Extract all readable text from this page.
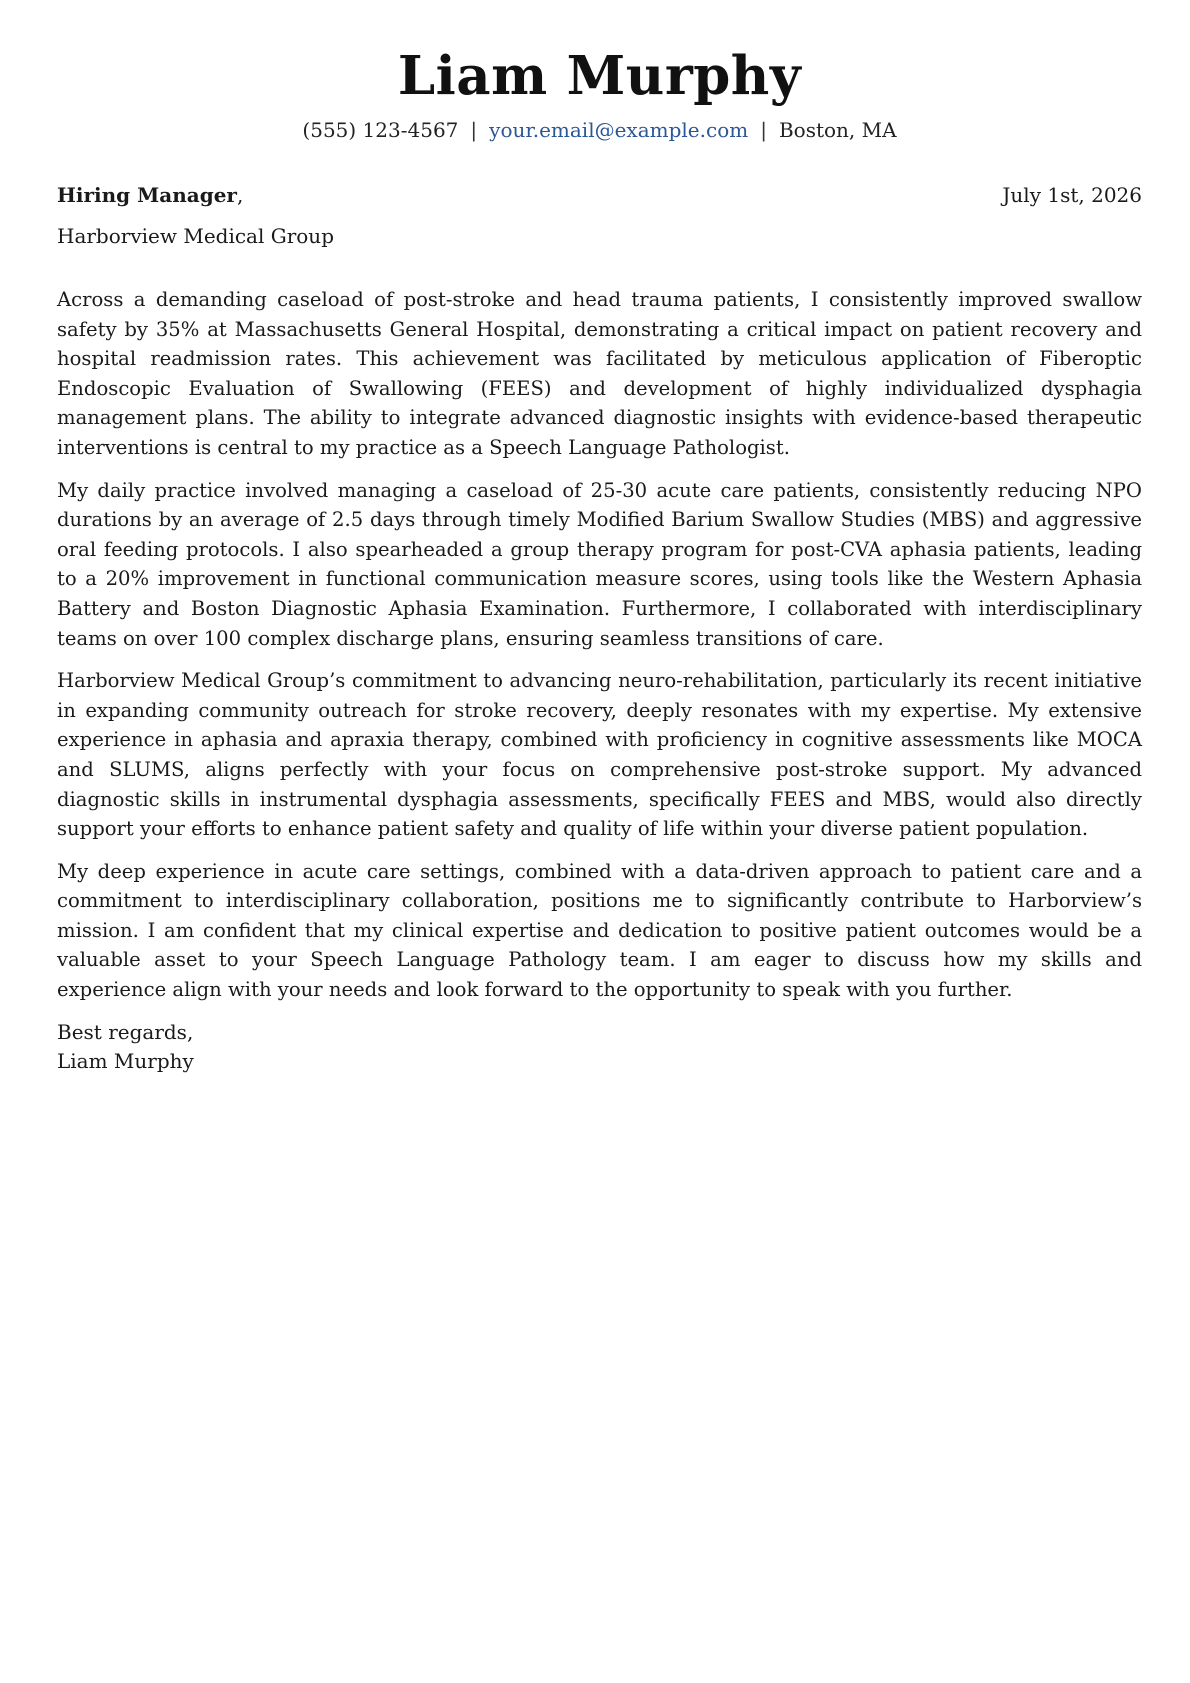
Liam Murphy
(555) 123-4567 | your.email@example.com | Boston, MA
Hiring Manager,	July 1st, 2026
Harborview Medical Group

Across a demanding caseload of post-stroke and head trauma patients, I consistently improved swallow safety by 35% at Massachusetts General Hospital, demonstrating a critical impact on patient recovery and hospital readmission rates. This achievement was facilitated by meticulous application of Fiberoptic Endoscopic Evaluation of Swallowing (FEES) and development of highly individualized dysphagia management plans. The ability to integrate advanced diagnostic insights with evidence-based therapeutic interventions is central to my practice as a Speech Language Pathologist.

My daily practice involved managing a caseload of 25-30 acute care patients, consistently reducing NPO durations by an average of 2.5 days through timely Modified Barium Swallow Studies (MBS) and aggressive oral feeding protocols. I also spearheaded a group therapy program for post-CVA aphasia patients, leading to a 20% improvement in functional communication measure scores, using tools like the Western Aphasia Battery and Boston Diagnostic Aphasia Examination. Furthermore, I collaborated with interdisciplinary teams on over 100 complex discharge plans, ensuring seamless transitions of care.

Harborview Medical Group’s commitment to advancing neuro-rehabilitation, particularly its recent initiative in expanding community outreach for stroke recovery, deeply resonates with my expertise. My extensive experience in aphasia and apraxia therapy, combined with proficiency in cognitive assessments like MOCA and SLUMS, aligns perfectly with your focus on comprehensive post-stroke support. My advanced diagnostic skills in instrumental dysphagia assessments, specifically FEES and MBS, would also directly support your efforts to enhance patient safety and quality of life within your diverse patient population.

My deep experience in acute care settings, combined with a data-driven approach to patient care and a commitment to interdisciplinary collaboration, positions me to significantly contribute to Harborview’s mission. I am confident that my clinical expertise and dedication to positive patient outcomes would be a valuable asset to your Speech Language Pathology team. I am eager to discuss how my skills and experience align with your needs and look forward to the opportunity to speak with you further.

Best regards,
Liam Murphy
